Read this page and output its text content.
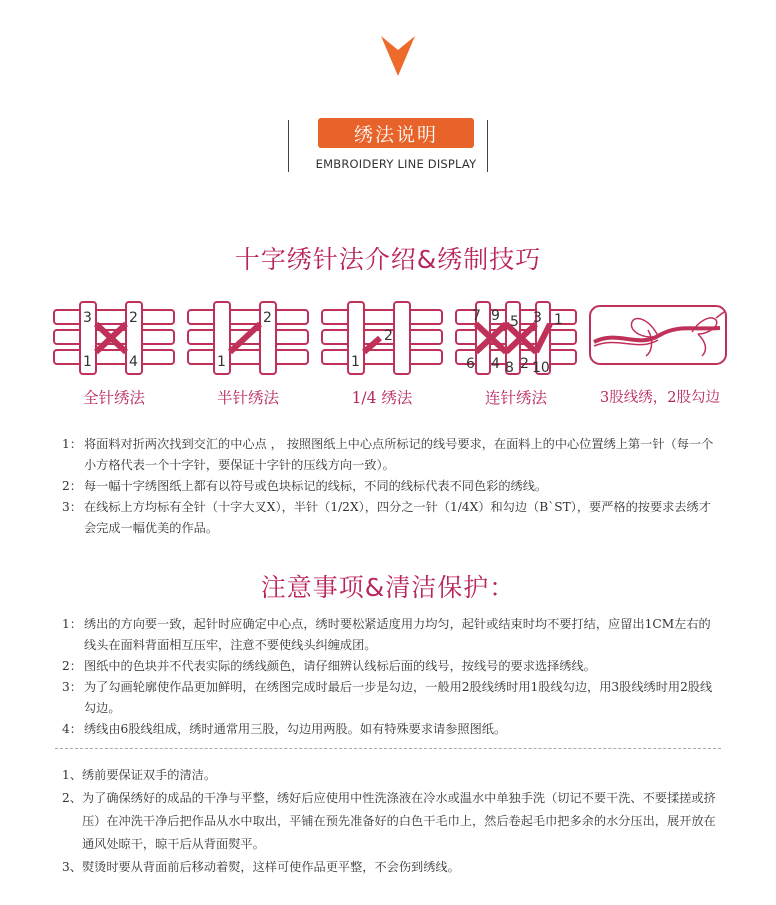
绣法说明
EMBROIDERY LINE DISPLAY
十字绣针法介绍&绣制技巧
3	2
1	4
2
1
2
1
7 9 5 3 1
6 4 8 2 10
全针绣法	半针绣法	1/4 绣法	连针绣法	3股线绣，2股勾边
1： 将面料对折两次找到交汇的中心点 ， 按照图纸上中心点所标记的线号要求，在面料上的中心位置绣上第一针（每一个小方格代表一个十字针，要保证十字针的压线方向一致）。
2： 每一幅十字绣图纸上都有以符号或色块标记的线标，不同的线标代表不同色彩的绣线。
3： 在线标上方均标有全针（十字大叉X），半针（1/2X），四分之一针（1/4X）和勾边（B`ST），要严格的按要求去绣才会完成一幅优美的作品。
注意事项&清洁保护：
1： 绣出的方向要一致，起针时应确定中心点，绣时要松紧适度用力均匀，起针或结束时均不要打结，应留出1CM左右的线头在面料背面相互压牢，注意不要使线头纠缠成团。
2： 图纸中的色块并不代表实际的绣线颜色，请仔细辨认线标后面的线号，按线号的要求选择绣线。
3： 为了勾画轮廓使作品更加鲜明，在绣图完成时最后一步是勾边，一般用2股线绣时用1股线勾边，用3股线绣时用2股线勾边。
4： 绣线由6股线组成，绣时通常用三股，勾边用两股。如有特殊要求请参照图纸。
1、 绣前要保证双手的清洁。
2、 为了确保绣好的成品的干净与平整，绣好后应使用中性洗涤液在冷水或温水中单独手洗（切记不要干洗、不要揉搓或挤压）在冲洗干净后把作品从水中取出，平铺在预先准备好的白色干毛巾上，然后卷起毛巾把多余的水分压出，展开放在通风处晾干，晾干后从背面熨平。
3、 熨烫时要从背面前后移动着熨，这样可使作品更平整，不会伤到绣线。
